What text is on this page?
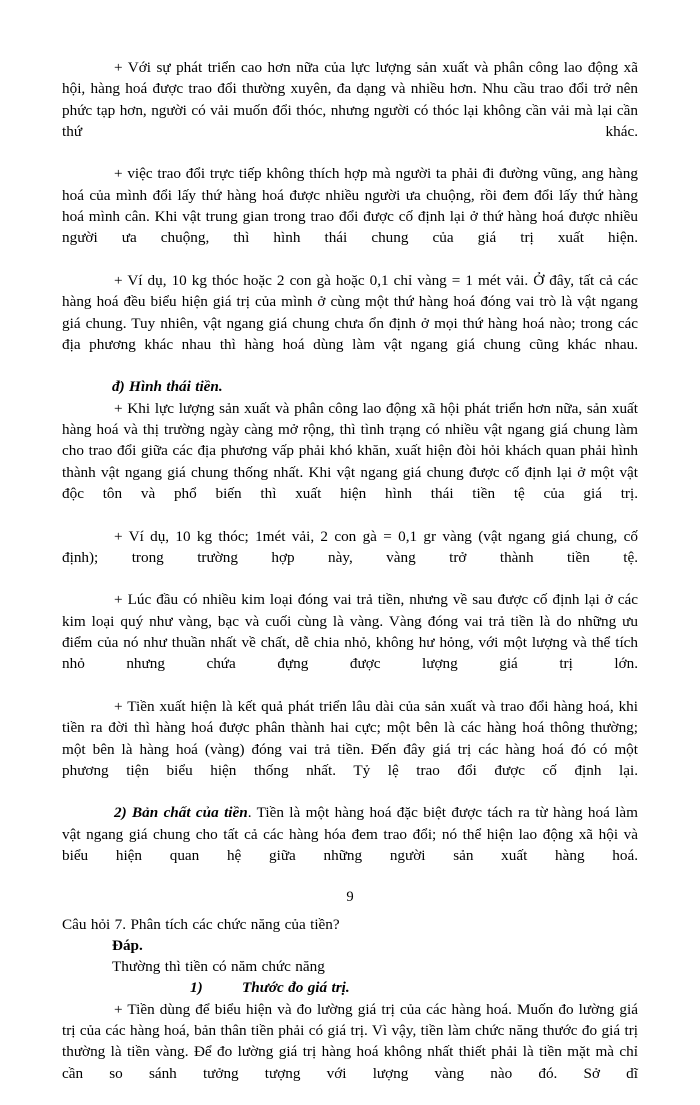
+ Với sự phát triển cao hơn nữa của lực lượng sản xuất và phân công lao động xã hội, hàng hoá được trao đổi thường xuyên, đa dạng và nhiều hơn. Nhu cầu trao đổi trở nên phức tạp hơn, người có vải muốn đổi thóc, nhưng người có thóc lại không cần vải mà lại cần thứ khác.

+ việc trao đổi trực tiếp không thích hợp mà người ta phải đi đường vũng, ang hàng hoá của mình đổi lấy thứ hàng hoá được nhiều người ưa chuộng, rồi đem đổi lấy thứ hàng hoá mình cân. Khi vật trung gian trong trao đổi được cố định lại ở thứ hàng hoá được nhiều người ưa chuộng, thì hình thái chung của giá trị xuất hiện.

+ Ví dụ, 10 kg thóc hoặc 2 con gà hoặc 0,1 chỉ vàng = 1 mét vải. Ở đây, tất cả các hàng hoá đều biểu hiện giá trị của mình ở cùng một thứ hàng hoá đóng vai trò là vật ngang giá chung. Tuy nhiên, vật ngang giá chung chưa ổn định ở mọi thứ hàng hoá nào; trong các địa phương khác nhau thì hàng hoá dùng làm vật ngang giá chung cũng khác nhau.

đ) Hình thái tiền.

+ Khi lực lượng sản xuất và phân công lao động xã hội phát triển hơn nữa, sản xuất hàng hoá và thị trường ngày càng mở rộng, thì tình trạng có nhiều vật ngang giá chung làm cho trao đổi giữa các địa phương vấp phải khó khăn, xuất hiện đòi hỏi khách quan phải hình thành vật ngang giá chung thống nhất. Khi vật ngang giá chung được cố định lại ở một vật độc tôn và phổ biến thì xuất hiện hình thái tiền tệ của giá trị.

+ Ví dụ, 10 kg thóc; 1mét vải, 2 con gà = 0,1 gr vàng (vật ngang giá chung, cố định); trong trường hợp này, vàng trở thành tiền tệ.

+ Lúc đầu có nhiều kim loại đóng vai trả tiền, nhưng về sau được cố định lại ở các kim loại quý như vàng, bạc và cuối cùng là vàng. Vàng đóng vai trả tiền là do những ưu điểm của nó như thuần nhất về chất, dễ chia nhỏ, không hư hỏng, với một lượng và thể tích nhỏ nhưng chứa đựng được lượng giá trị lớn.

+ Tiền xuất hiện là kết quả phát triển lâu dài của sản xuất và trao đổi hàng hoá, khi tiền ra đời thì hàng hoá được phân thành hai cực; một bên là các hàng hoá thông thường; một bên là hàng hoá (vàng) đóng vai trả tiền. Đến đây giá trị các hàng hoá đó có một phương tiện biểu hiện thống nhất. Tỷ lệ trao đổi được cố định lại.

2) Bản chất của tiền. Tiền là một hàng hoá đặc biệt được tách ra từ hàng hoá làm vật ngang giá chung cho tất cả các hàng hóa đem trao đổi; nó thể hiện lao động xã hội và biểu hiện quan hệ giữa những người sản xuất hàng hoá.

Câu hỏi 7. Phân tích các chức năng của tiền?

Đáp.

Thường thì tiền có năm chức năng

1)	Thước đo giá trị.

+ Tiền dùng để biểu hiện và đo lường giá trị của các hàng hoá. Muốn đo lường giá trị của các hàng hoá, bản thân tiền phải có giá trị. Vì vậy, tiền làm chức năng thước đo giá trị thường là tiền vàng. Để đo lường giá trị hàng hoá không nhất thiết phải là tiền mặt mà chỉ cần so sánh tưởng tượng với lượng vàng nào đó. Sở dĩ

9
